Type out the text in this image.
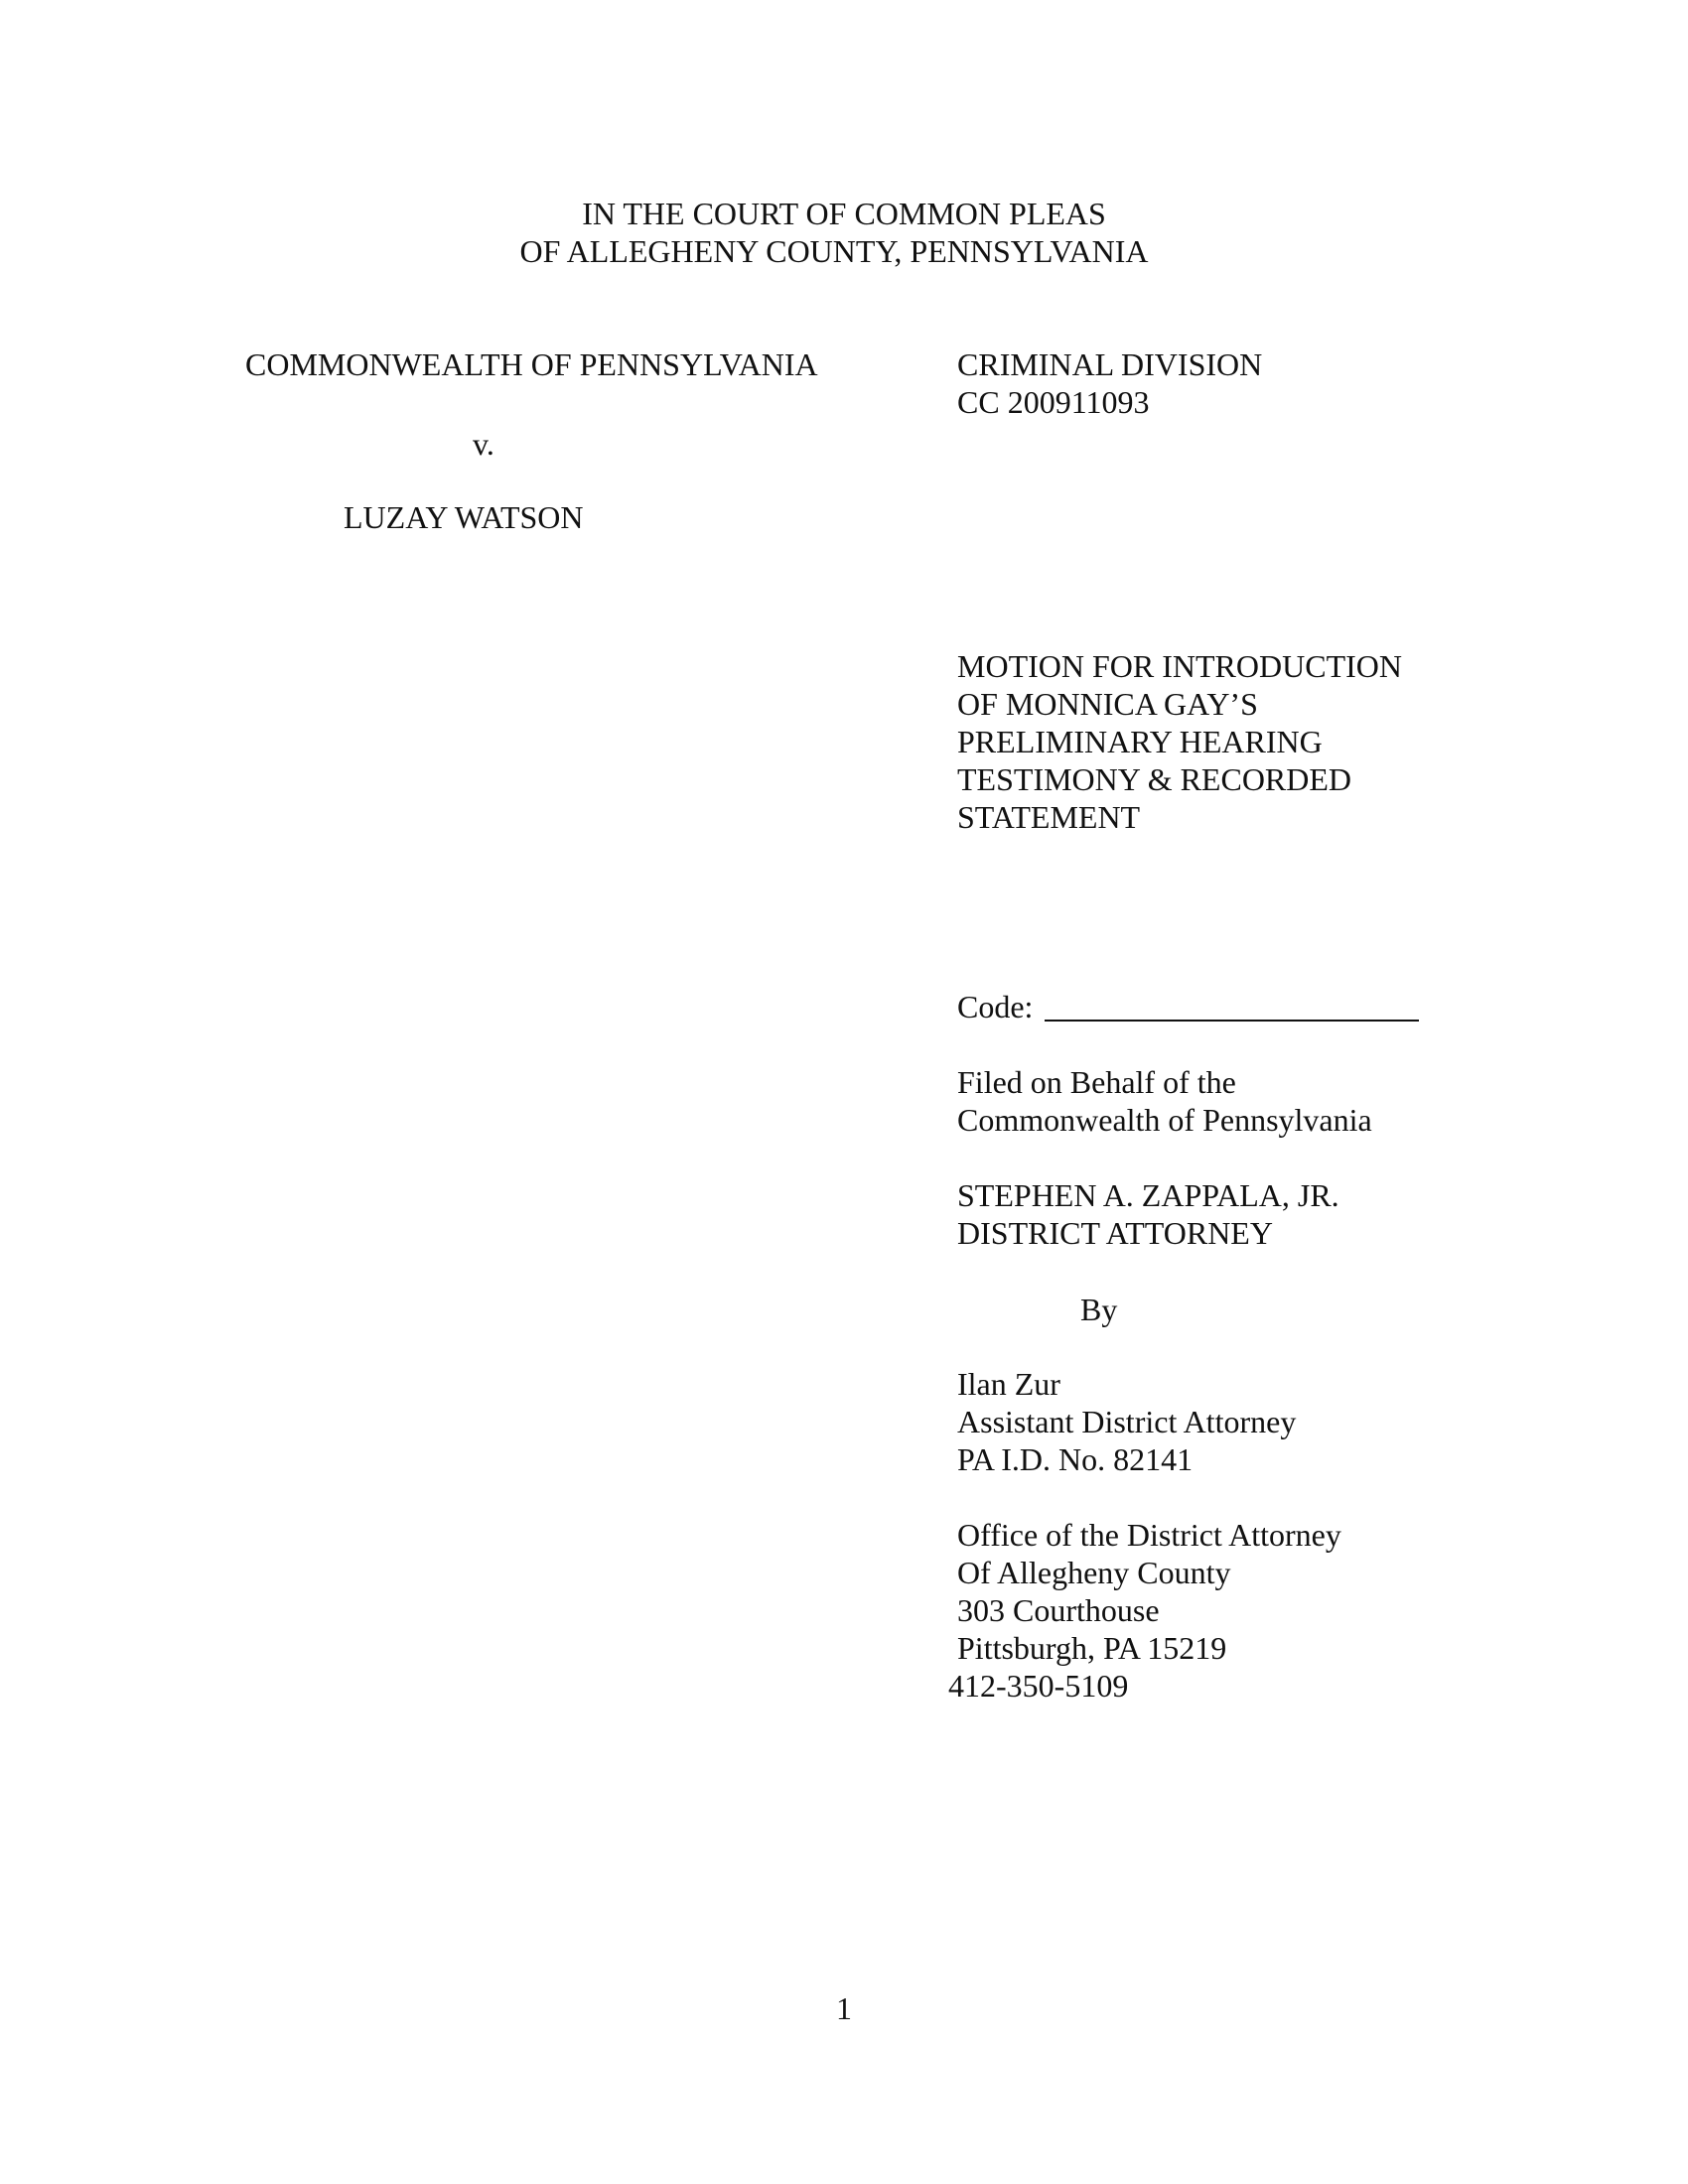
IN THE COURT OF COMMON PLEAS
OF ALLEGHENY COUNTY, PENNSYLVANIA
COMMONWEALTH OF PENNSYLVANIA
v.
LUZAY WATSON
CRIMINAL DIVISION
CC 200911093
MOTION FOR INTRODUCTION
OF MONNICA GAY’S
PRELIMINARY HEARING
TESTIMONY & RECORDED
STATEMENT
Code:
Filed on Behalf of the
Commonwealth of Pennsylvania
STEPHEN A. ZAPPALA, JR.
DISTRICT ATTORNEY
By
Ilan Zur
Assistant District Attorney
PA I.D. No. 82141
Office of the District Attorney
Of Allegheny County
303 Courthouse
Pittsburgh, PA 15219
412-350-5109
1
